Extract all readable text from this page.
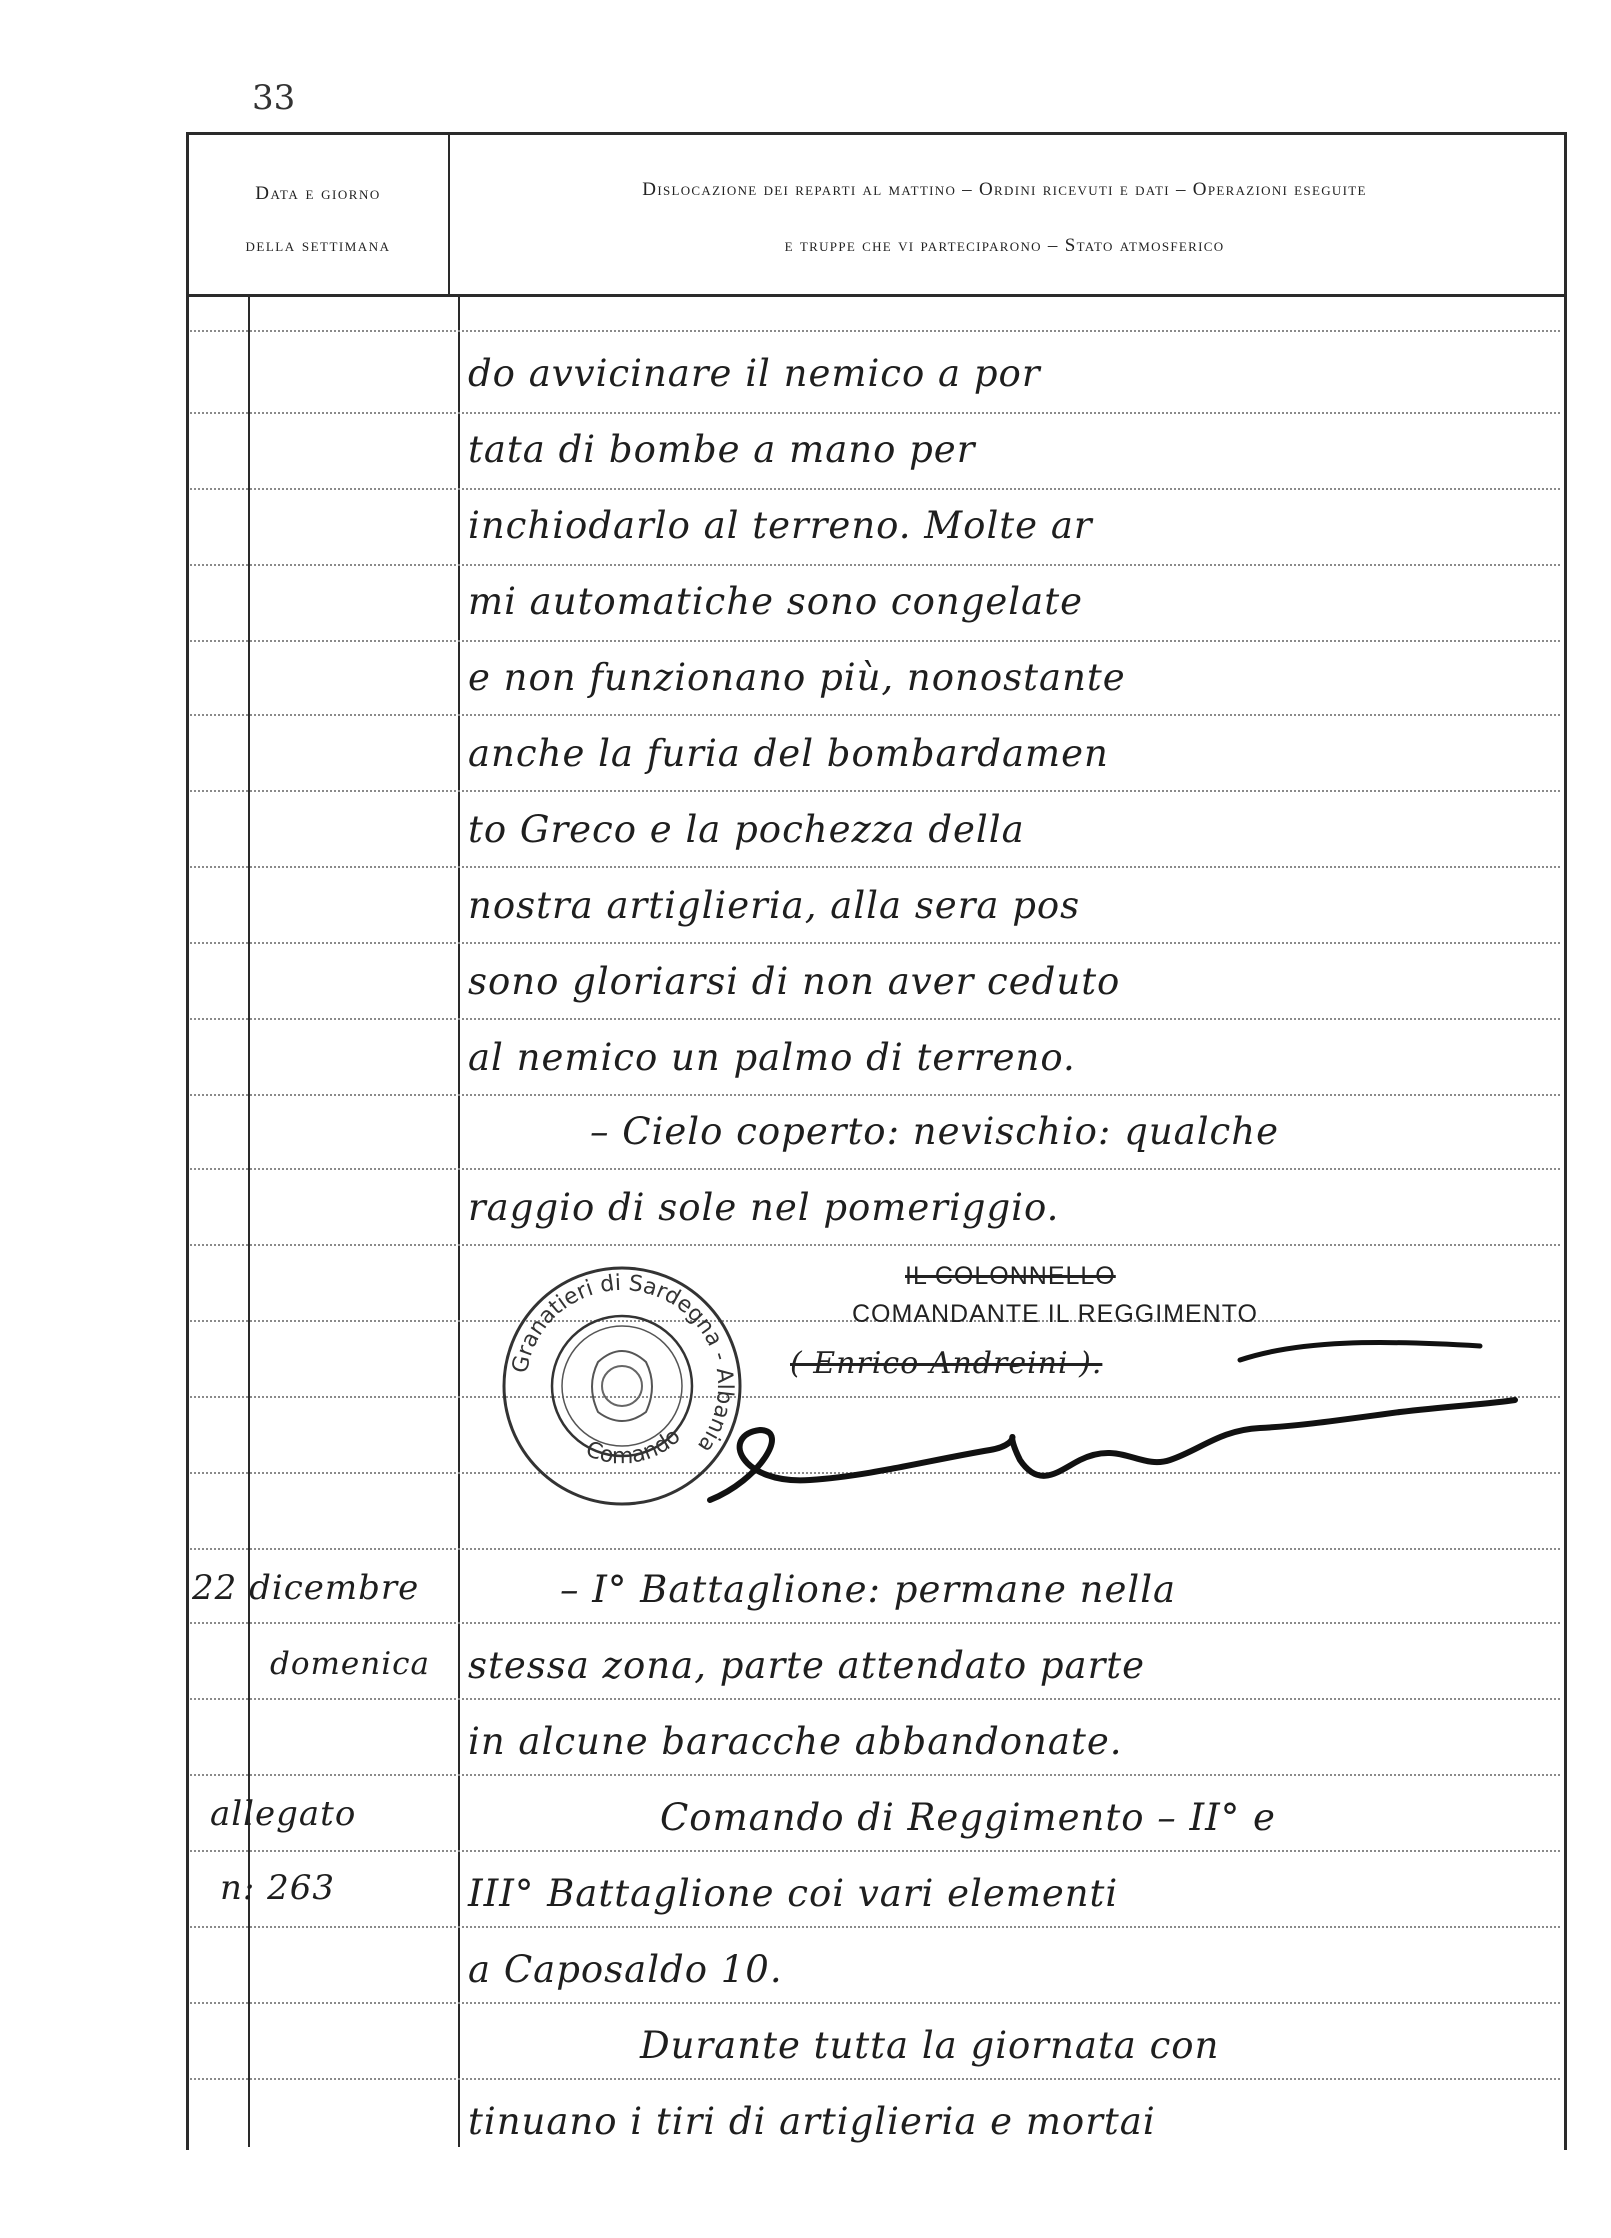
33
Data e giorno
della settimana
Dislocazione dei reparti al mattino – Ordini ricevuti e dati – Operazioni eseguite
e truppe che vi parteciparono – Stato atmosferico
do avvicinare il nemico a por
tata di bombe a mano per
inchiodarlo al terreno. Molte ar
mi automatiche sono congelate
e non funzionano più, nonostante
anche la furia del bombardamen
to Greco e la pochezza della
nostra artiglieria, alla sera pos
sono gloriarsi di non aver ceduto
al nemico un palmo di terreno.
– Cielo coperto: nevischio: qualche
raggio di sole nel pomeriggio.
Granatieri di Sardegna - Albania
Comando
IL COLONNELLO
COMANDANTE IL REGGIMENTO
( Enrico Andreini ).
22 dicembre
domenica
allegato
n: 263
– I° Battaglione: permane nella
stessa zona, parte attendato parte
in alcune baracche abbandonate.
Comando di Reggimento – II° e
III° Battaglione coi vari elementi
a Caposaldo 10.
Durante tutta la giornata con
tinuano i tiri di artiglieria e mortai
